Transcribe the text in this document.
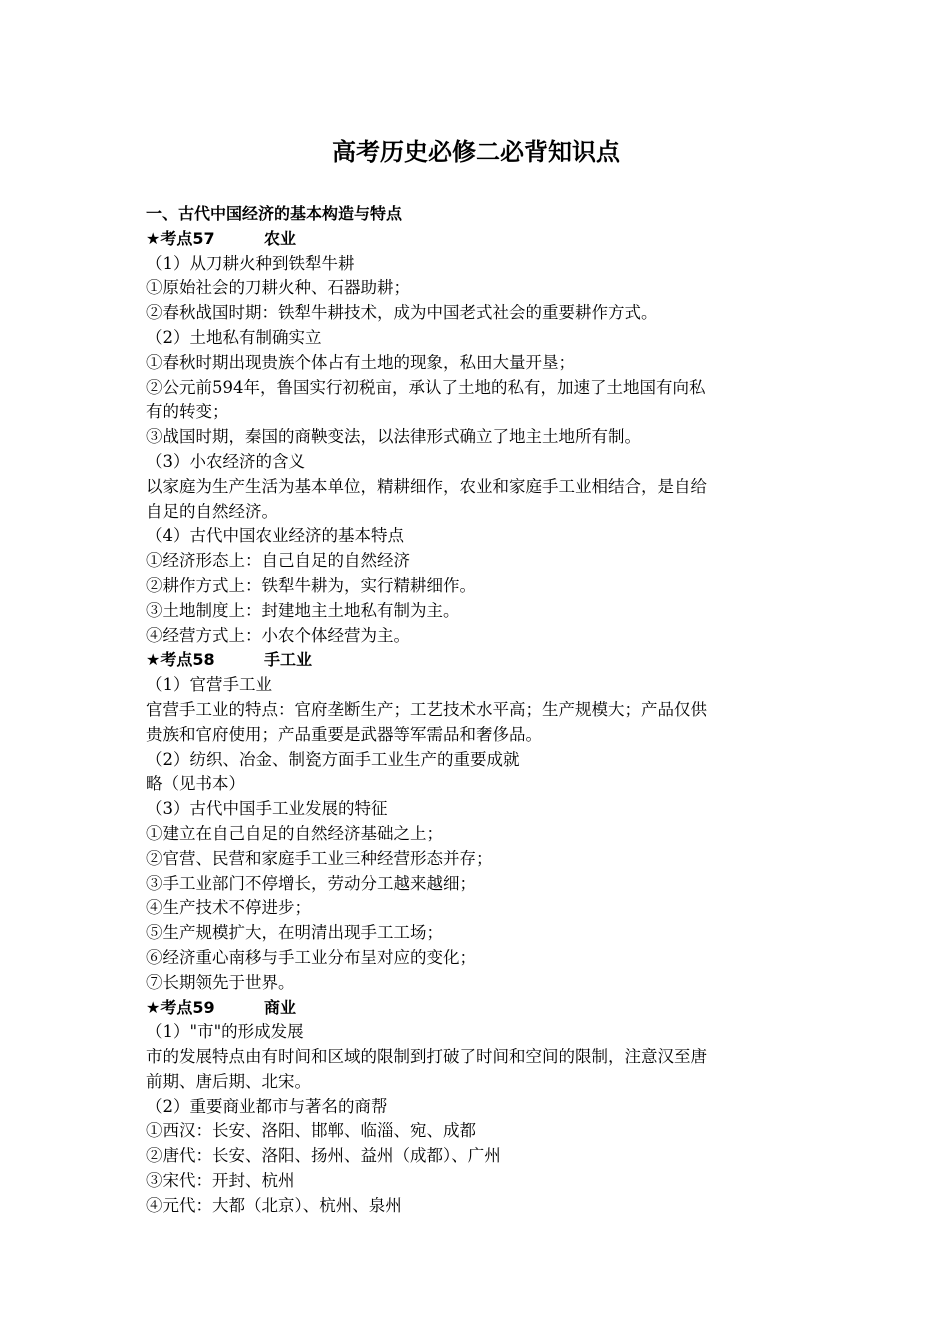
高考历史必修二必背知识点
一、古代中国经济的基本构造与特点
★考点57	农业
（1）从刀耕火种到铁犁牛耕
①原始社会的刀耕火种、石器助耕；
②春秋战国时期：铁犁牛耕技术，成为中国老式社会的重要耕作方式。
（2）土地私有制确实立
①春秋时期出现贵族个体占有土地的现象，私田大量开垦；
②公元前594年，鲁国实行初税亩，承认了土地的私有，加速了土地国有向私
有的转变；
③战国时期，秦国的商鞅变法，以法律形式确立了地主土地所有制。
（3）小农经济的含义
以家庭为生产生活为基本单位，精耕细作，农业和家庭手工业相结合，是自给
自足的自然经济。
（4）古代中国农业经济的基本特点
①经济形态上：自己自足的自然经济
②耕作方式上：铁犁牛耕为，实行精耕细作。
③土地制度上：封建地主土地私有制为主。
④经营方式上：小农个体经营为主。
★考点58	手工业
（1）官营手工业
官营手工业的特点：官府垄断生产；工艺技术水平高；生产规模大；产品仅供
贵族和官府使用；产品重要是武器等军需品和奢侈品。
（2）纺织、冶金、制瓷方面手工业生产的重要成就
略（见书本）
（3）古代中国手工业发展的特征
①建立在自己自足的自然经济基础之上；
②官营、民营和家庭手工业三种经营形态并存；
③手工业部门不停增长，劳动分工越来越细；
④生产技术不停进步；
⑤生产规模扩大，在明清出现手工工场；
⑥经济重心南移与手工业分布呈对应的变化；
⑦长期领先于世界。
★考点59	商业
（1）"市"的形成发展
市的发展特点由有时间和区域的限制到打破了时间和空间的限制，注意汉至唐
前期、唐后期、北宋。
（2）重要商业都市与著名的商帮
①西汉：长安、洛阳、邯郸、临淄、宛、成都
②唐代：长安、洛阳、扬州、益州（成都）、广州
③宋代：开封、杭州
④元代：大都（北京）、杭州、泉州
